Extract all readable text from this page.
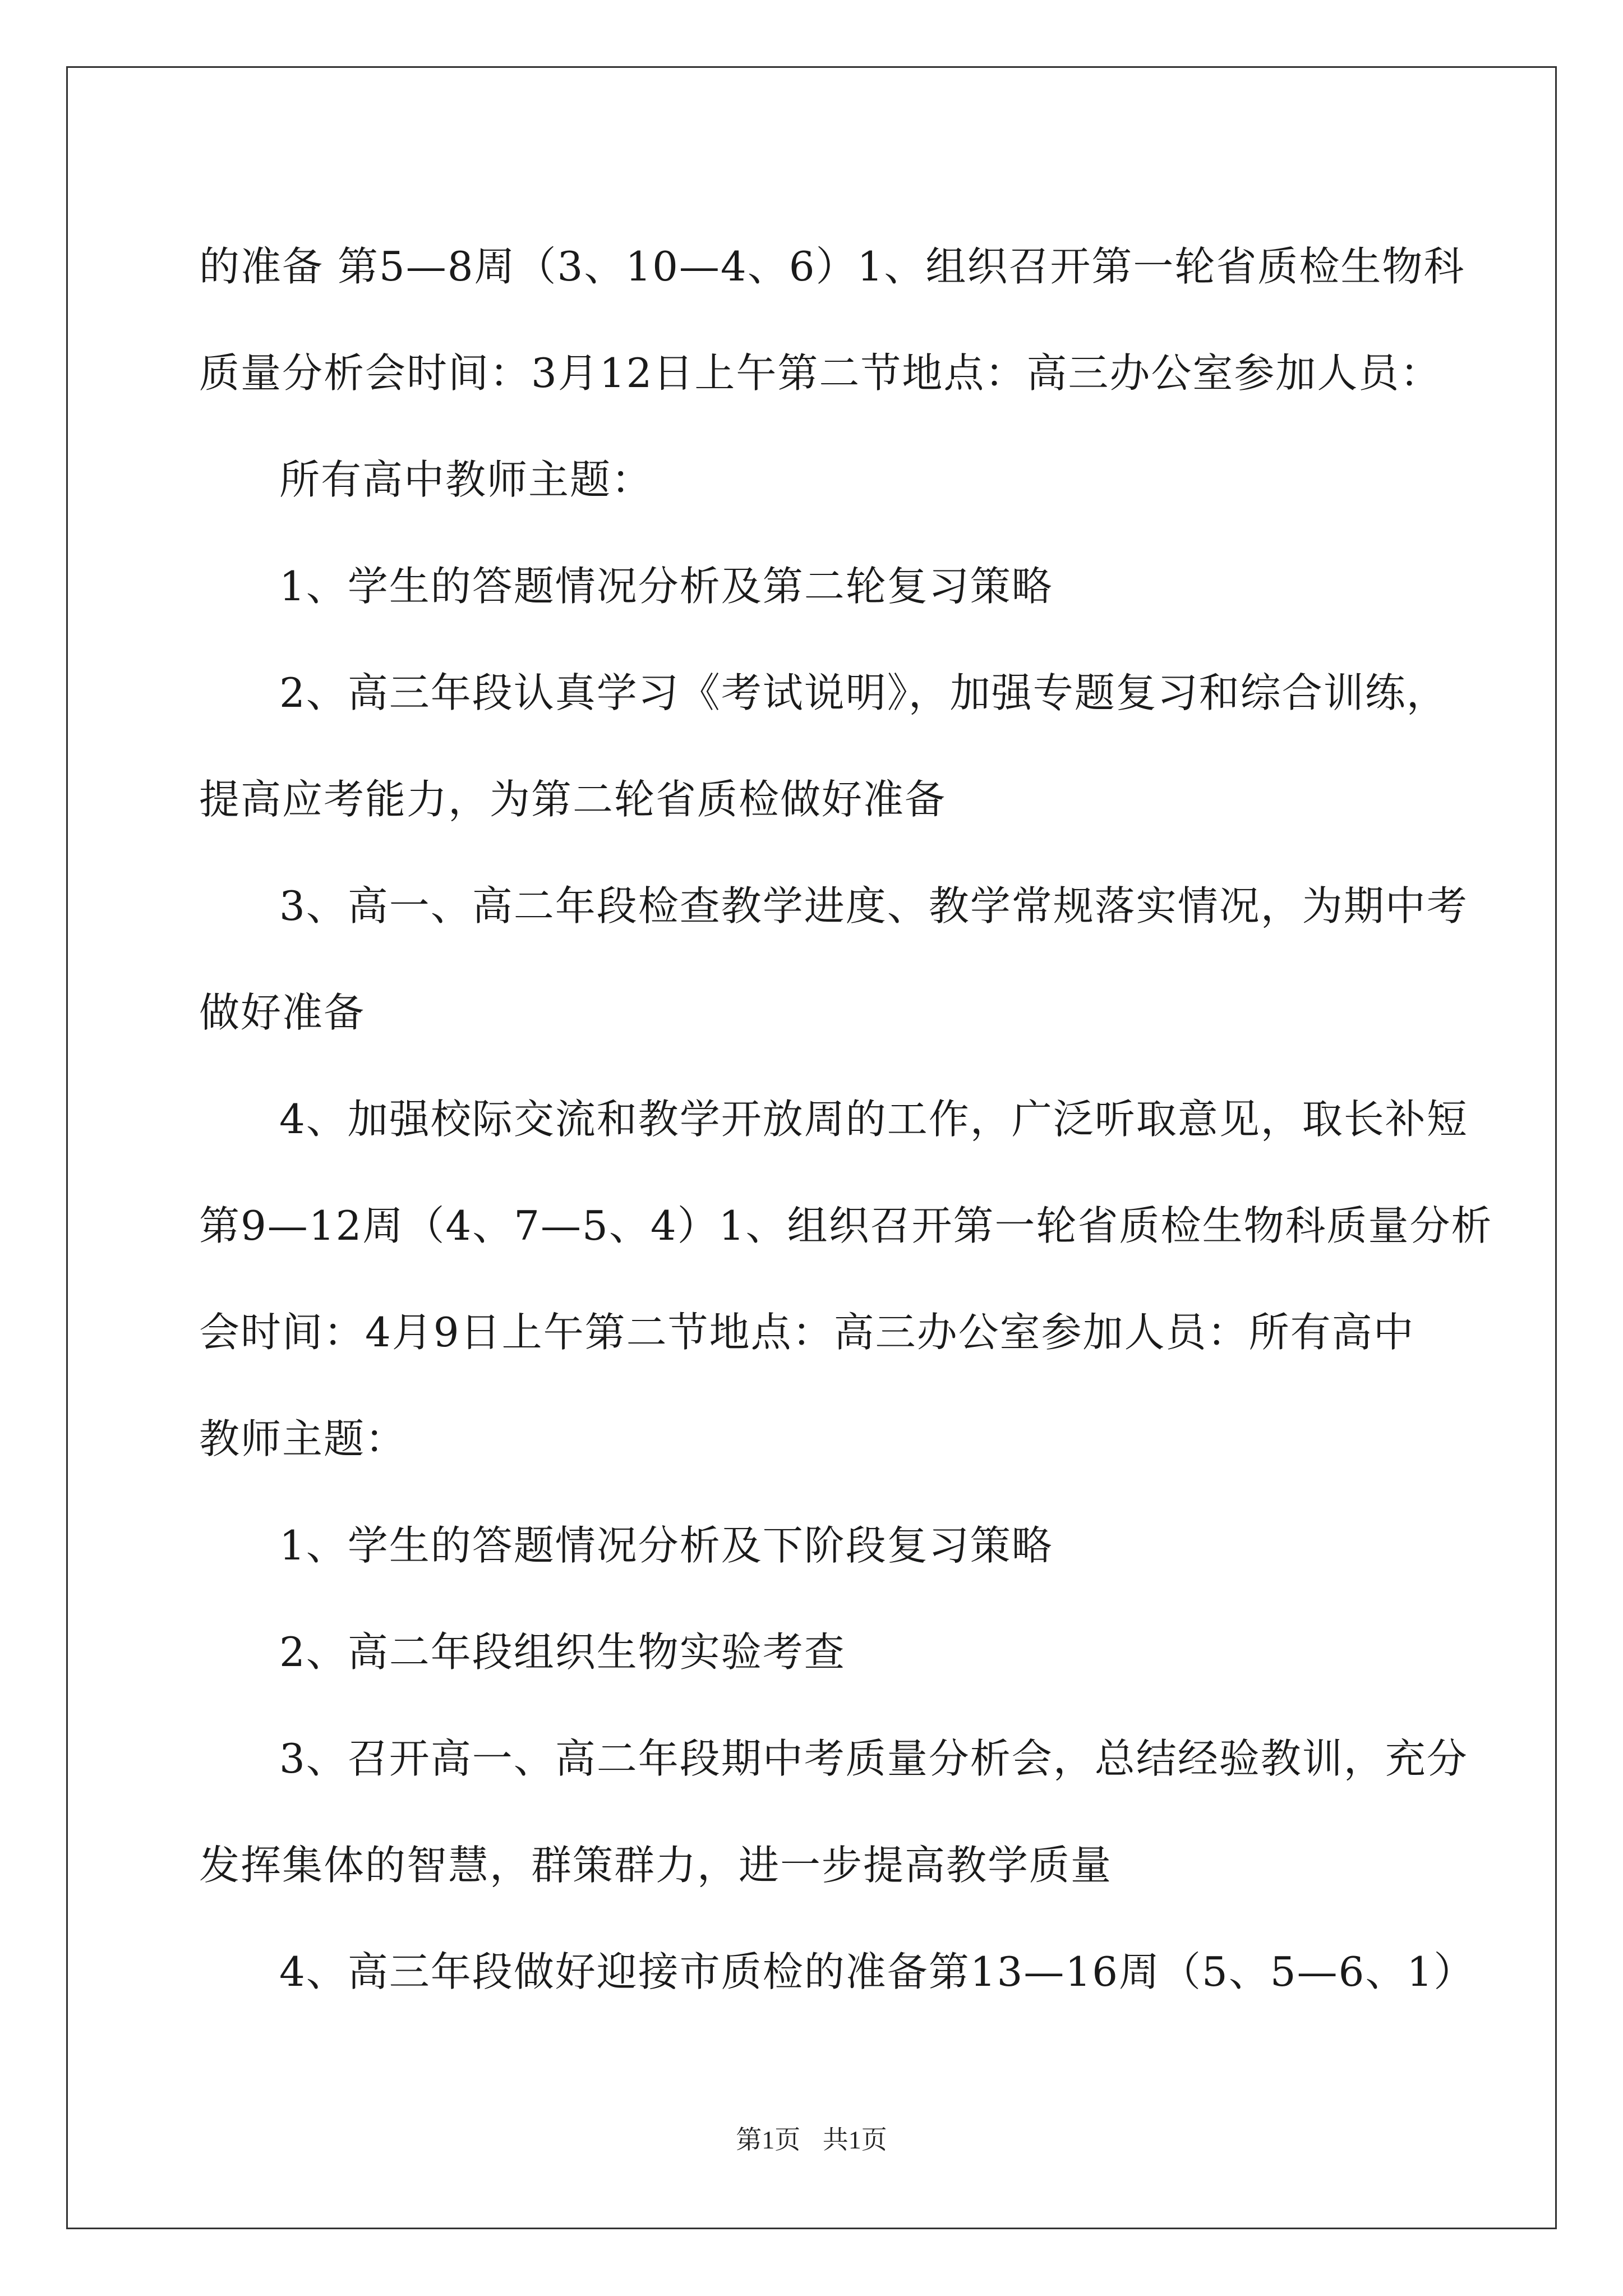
的准备 第5—8周（3、10—4、6）1、组织召开第一轮省质检生物科
质量分析会时间：3月12日上午第二节地点：高三办公室参加人员：
所有高中教师主题：
1、学生的答题情况分析及第二轮复习策略
2、高三年段认真学习《考试说明》，加强专题复习和综合训练，
提高应考能力，为第二轮省质检做好准备
3、高一、高二年段检查教学进度、教学常规落实情况，为期中考
做好准备
4、加强校际交流和教学开放周的工作，广泛听取意见，取长补短
第9—12周（4、7—5、4）1、组织召开第一轮省质检生物科质量分析
会时间：4月9日上午第二节地点：高三办公室参加人员：所有高中
教师主题：
1、学生的答题情况分析及下阶段复习策略
2、高二年段组织生物实验考查
3、召开高一、高二年段期中考质量分析会，总结经验教训，充分
发挥集体的智慧，群策群力，进一步提高教学质量
4、高三年段做好迎接市质检的准备第13—16周（5、5—6、1）
第1页 共1页
